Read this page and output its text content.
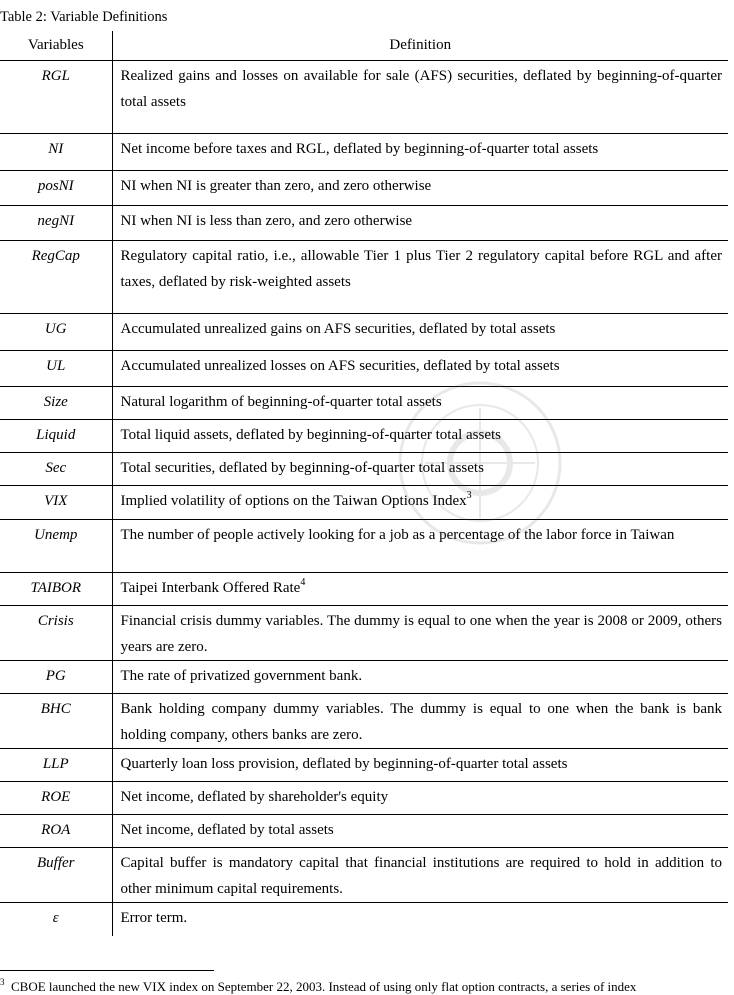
Table 2: Variable Definitions
Variables	Definition
RGL	Realized gains and losses on available for sale (AFS) securities, deflated by beginning-of-quarter total assets
NI	Net income before taxes and RGL, deflated by beginning-of-quarter total assets
posNI	NI when NI is greater than zero, and zero otherwise
negNI	NI when NI is less than zero, and zero otherwise
RegCap	Regulatory capital ratio, i.e., allowable Tier 1 plus Tier 2 regulatory capital before RGL and after taxes, deflated by risk-weighted assets
UG	Accumulated unrealized gains on AFS securities, deflated by total assets
UL	Accumulated unrealized losses on AFS securities, deflated by total assets
Size	Natural logarithm of beginning-of-quarter total assets
Liquid	Total liquid assets, deflated by beginning-of-quarter total assets
Sec	Total securities, deflated by beginning-of-quarter total assets
VIX	Implied volatility of options on the Taiwan Options Index$^3$
Unemp	The number of people actively looking for a job as a percentage of the labor force in Taiwan
TAIBOR	Taipei Interbank Offered Rate$^4$
Crisis	Financial crisis dummy variables. The dummy is equal to one when the year is 2008 or 2009, others years are zero.
PG	The rate of privatized government bank.
BHC	Bank holding company dummy variables. The dummy is equal to one when the bank is bank holding company, others banks are zero.
LLP	Quarterly loan loss provision, deflated by beginning-of-quarter total assets
ROE	Net income, deflated by shareholder's equity
ROA	Net income, deflated by total assets
Buffer	Capital buffer is mandatory capital that financial institutions are required to hold in addition to other minimum capital requirements.
ε	Error term.
$^3$ CBOE launched the new VIX index on September 22, 2003. Instead of using only flat option contracts, a series of index
